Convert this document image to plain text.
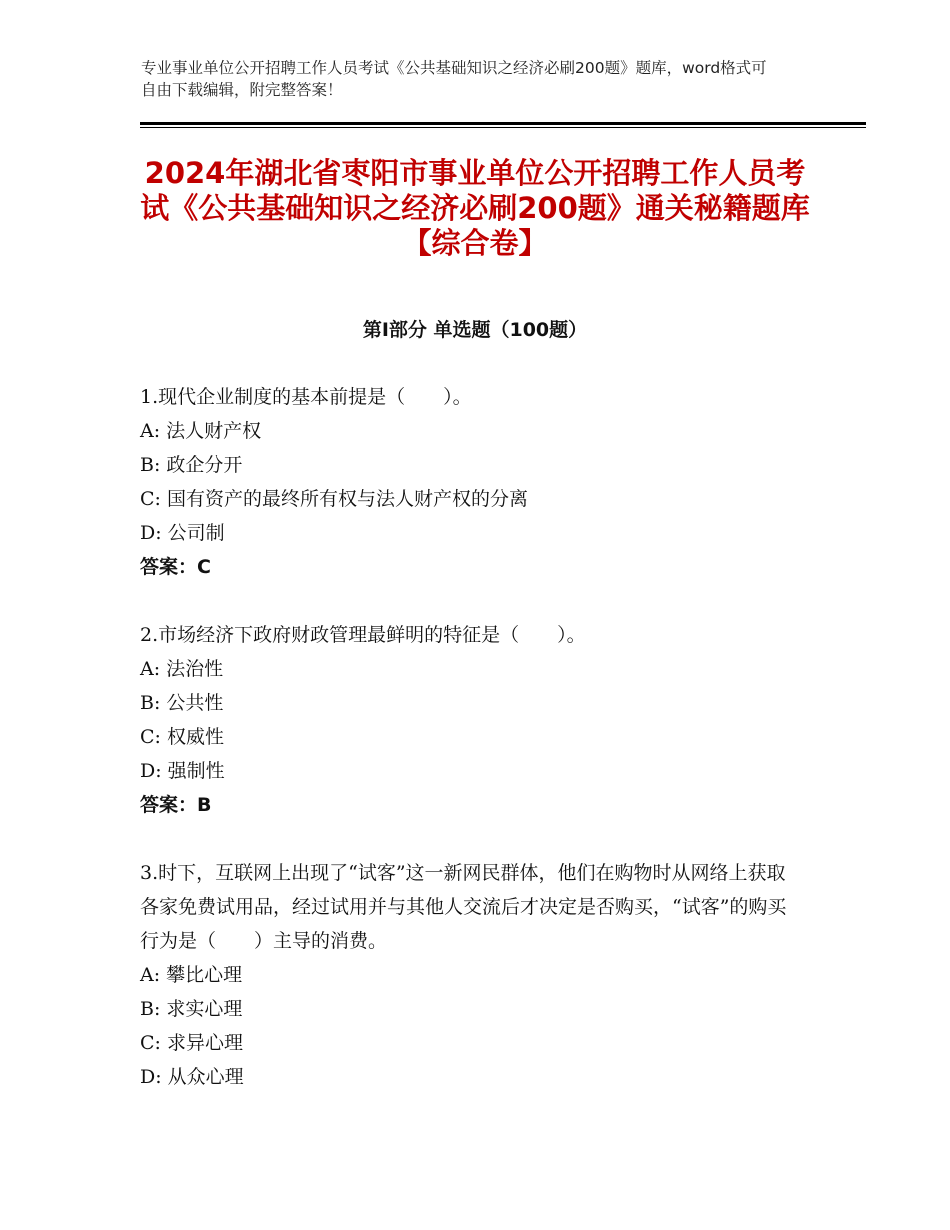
专业事业单位公开招聘工作人员考试《公共基础知识之经济必刷200题》题库，word格式可自由下载编辑，附完整答案！
2024年湖北省枣阳市事业单位公开招聘工作人员考试《公共基础知识之经济必刷200题》通关秘籍题库【综合卷】
第I部分 单选题（100题）
1.现代企业制度的基本前提是（　　）。
A: 法人财产权
B: 政企分开
C: 国有资产的最终所有权与法人财产权的分离
D: 公司制
答案：C
2.市场经济下政府财政管理最鲜明的特征是（　　）。
A: 法治性
B: 公共性
C: 权威性
D: 强制性
答案：B
3.时下，互联网上出现了“试客”这一新网民群体，他们在购物时从网络上获取各家免费试用品，经过试用并与其他人交流后才决定是否购买，“试客”的购买行为是（　　）主导的消费。
A: 攀比心理
B: 求实心理
C: 求异心理
D: 从众心理
